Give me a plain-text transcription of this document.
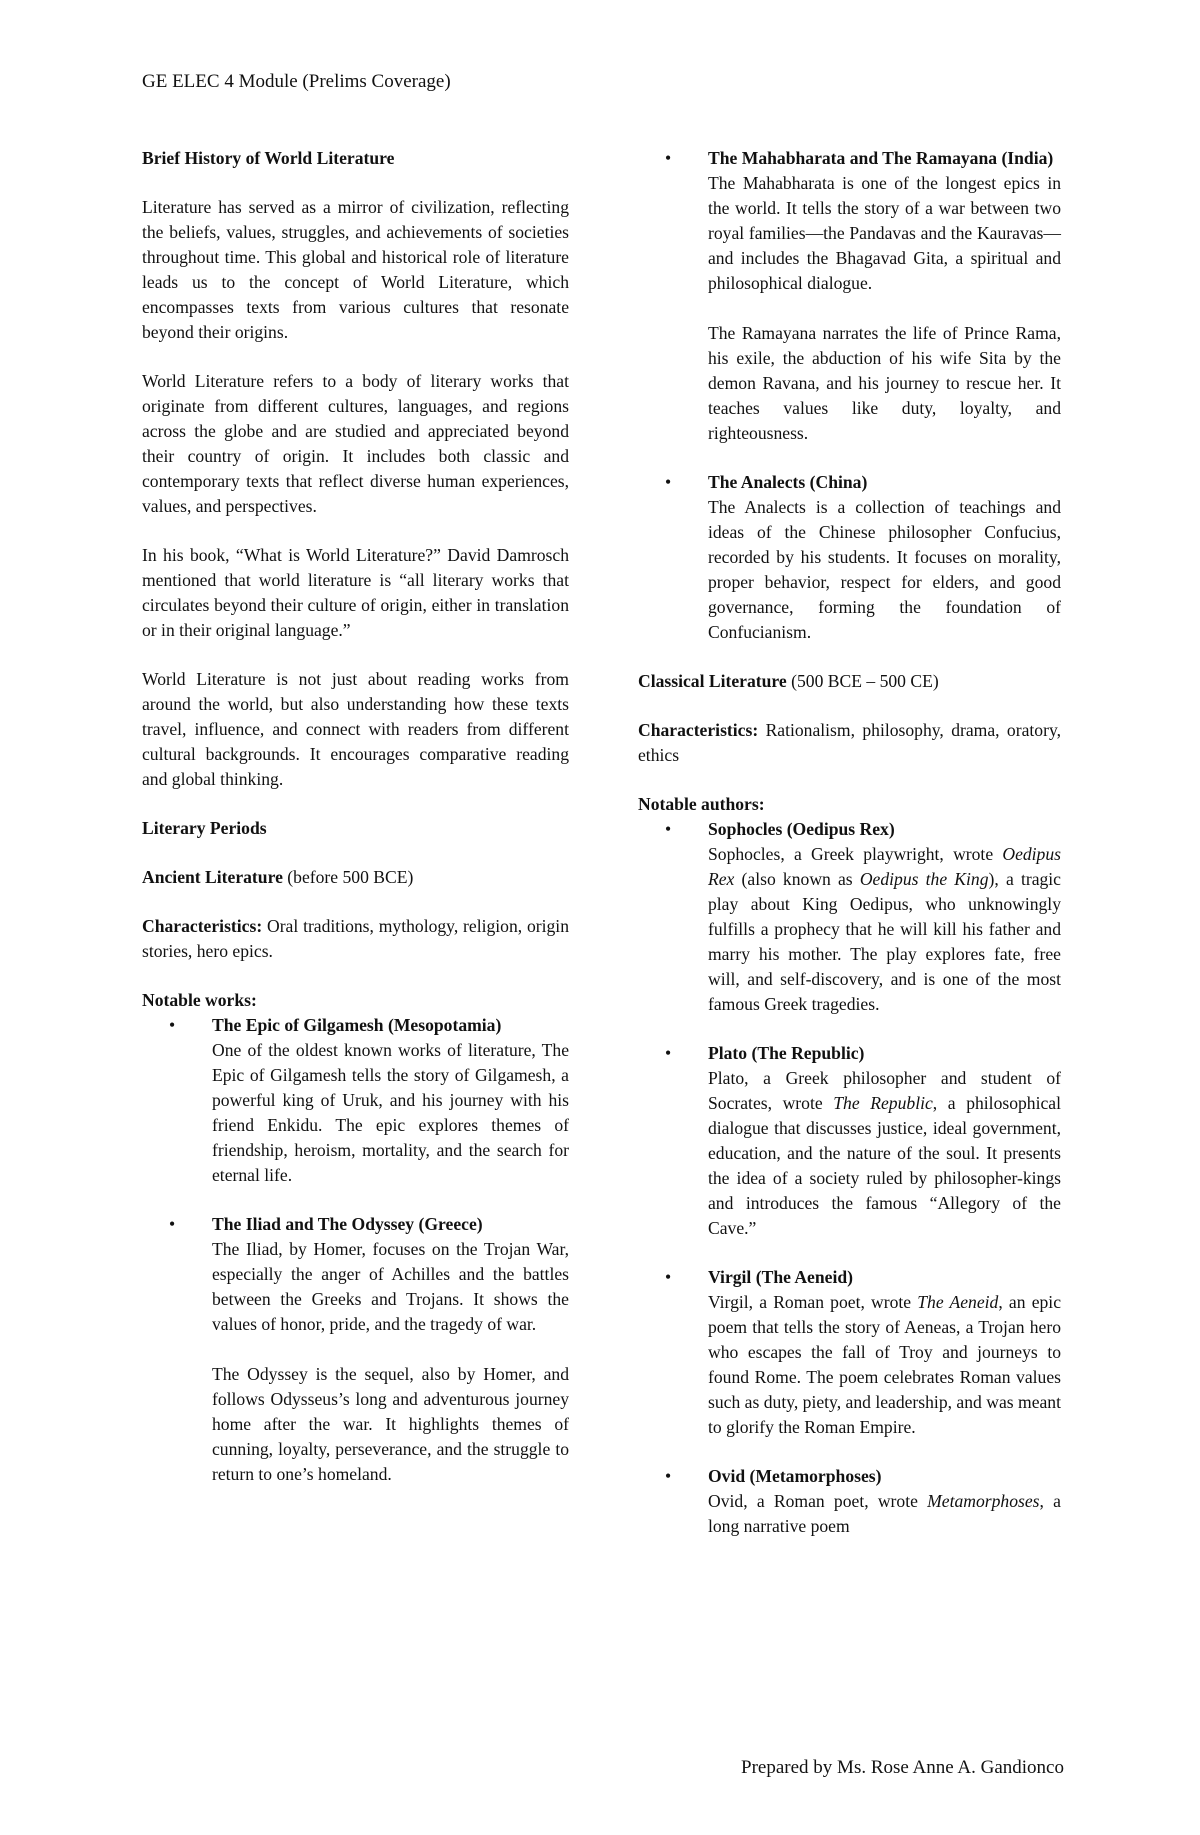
GE ELEC 4 Module (Prelims Coverage)
Brief History of World Literature

Literature has served as a mirror of civilization, reflecting the beliefs, values, struggles, and achievements of societies throughout time. This global and historical role of literature leads us to the concept of World Literature, which encompasses texts from various cultures that resonate beyond their origins.

World Literature refers to a body of literary works that originate from different cultures, languages, and regions across the globe and are studied and appreciated beyond their country of origin. It includes both classic and contemporary texts that reflect diverse human experiences, values, and perspectives.

In his book, “What is World Literature?” David Damrosch mentioned that world literature is “all literary works that circulates beyond their culture of origin, either in translation or in their original language.”

World Literature is not just about reading works from around the world, but also understanding how these texts travel, influence, and connect with readers from different cultural backgrounds. It encourages comparative reading and global thinking.

Literary Periods

Ancient Literature (before 500 BCE)

Characteristics: Oral traditions, mythology, religion, origin stories, hero epics.

Notable works:
• The Epic of Gilgamesh (Mesopotamia)
One of the oldest known works of literature, The Epic of Gilgamesh tells the story of Gilgamesh, a powerful king of Uruk, and his journey with his friend Enkidu. The epic explores themes of friendship, heroism, mortality, and the search for eternal life.
• The Iliad and The Odyssey (Greece)
The Iliad, by Homer, focuses on the Trojan War, especially the anger of Achilles and the battles between the Greeks and Trojans. It shows the values of honor, pride, and the tragedy of war.
The Odyssey is the sequel, also by Homer, and follows Odysseus’s long and adventurous journey home after the war. It highlights themes of cunning, loyalty, perseverance, and the struggle to return to one’s homeland.
• The Mahabharata and The Ramayana (India)
The Mahabharata is one of the longest epics in the world. It tells the story of a war between two royal families—the Pandavas and the Kauravas—and includes the Bhagavad Gita, a spiritual and philosophical dialogue.
The Ramayana narrates the life of Prince Rama, his exile, the abduction of his wife Sita by the demon Ravana, and his journey to rescue her. It teaches values like duty, loyalty, and righteousness.
• The Analects (China)
The Analects is a collection of teachings and ideas of the Chinese philosopher Confucius, recorded by his students. It focuses on morality, proper behavior, respect for elders, and good governance, forming the foundation of Confucianism.

Classical Literature (500 BCE – 500 CE)

Characteristics: Rationalism, philosophy, drama, oratory, ethics

Notable authors:
• Sophocles (Oedipus Rex)
Sophocles, a Greek playwright, wrote Oedipus Rex (also known as Oedipus the King), a tragic play about King Oedipus, who unknowingly fulfills a prophecy that he will kill his father and marry his mother. The play explores fate, free will, and self-discovery, and is one of the most famous Greek tragedies.
• Plato (The Republic)
Plato, a Greek philosopher and student of Socrates, wrote The Republic, a philosophical dialogue that discusses justice, ideal government, education, and the nature of the soul. It presents the idea of a society ruled by philosopher-kings and introduces the famous “Allegory of the Cave.”
• Virgil (The Aeneid)
Virgil, a Roman poet, wrote The Aeneid, an epic poem that tells the story of Aeneas, a Trojan hero who escapes the fall of Troy and journeys to found Rome. The poem celebrates Roman values such as duty, piety, and leadership, and was meant to glorify the Roman Empire.
• Ovid (Metamorphoses)
Ovid, a Roman poet, wrote Metamorphoses, a long narrative poem
Prepared by Ms. Rose Anne A. Gandionco
